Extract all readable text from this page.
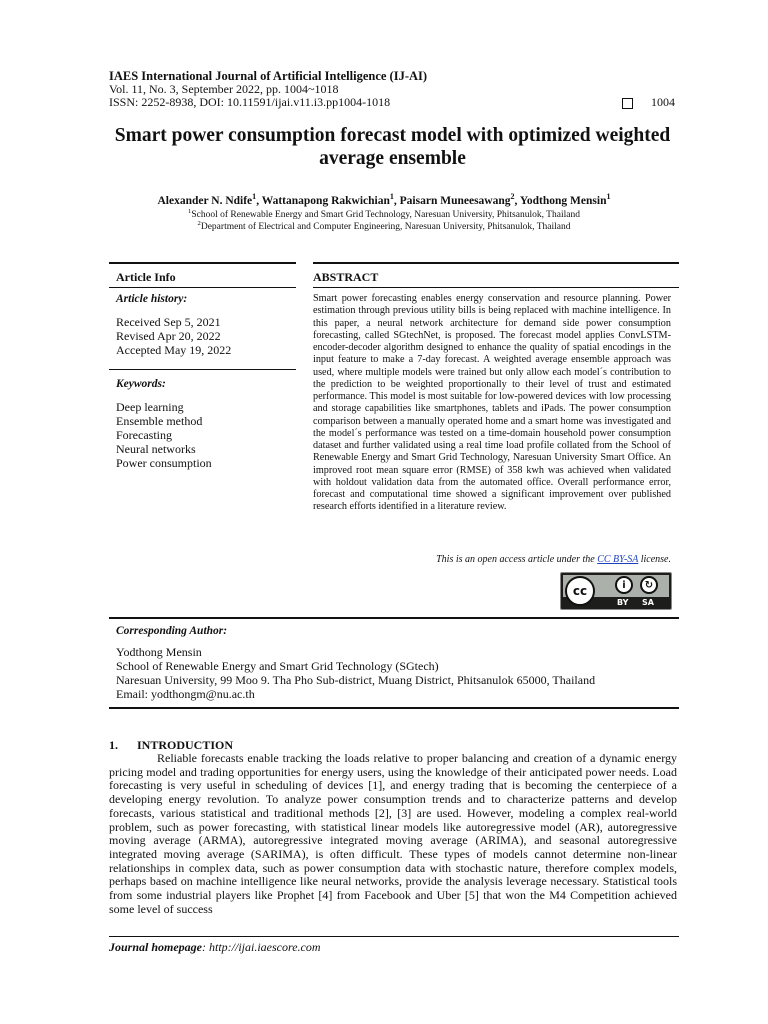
IAES International Journal of Artificial Intelligence (IJ-AI)
Vol. 11, No. 3, September 2022, pp. 1004~1018
ISSN: 2252-8938, DOI: 10.11591/ijai.v11.i3.pp1004-1018	1004
Smart power consumption forecast model with optimized weighted average ensemble
Alexander N. Ndife$^1$, Wattanapong Rakwichian$^1$, Paisarn Muneesawang$^2$, Yodthong Mensin$^1$
$^1$School of Renewable Energy and Smart Grid Technology, Naresuan University, Phitsanulok, Thailand
$^2$Department of Electrical and Computer Engineering, Naresuan University, Phitsanulok, Thailand
Article Info
Article history:
Received Sep 5, 2021
Revised Apr 20, 2022
Accepted May 19, 2022
Keywords:
Deep learning
Ensemble method
Forecasting
Neural networks
Power consumption
ABSTRACT
Smart power forecasting enables energy conservation and resource planning. Power estimation through previous utility bills is being replaced with machine intelligence. In this paper, a neural network architecture for demand side power consumption forecasting, called SGtechNet, is proposed. The forecast model applies ConvLSTM-encoder-decoder algorithm designed to enhance the quality of spatial encodings in the input feature to make a 7-day forecast. A weighted average ensemble approach was used, where multiple models were trained but only allow each model´s contribution to the prediction to be weighted proportionally to their level of trust and estimated performance. This model is most suitable for low-powered devices with low processing and storage capabilities like smartphones, tablets and iPads. The power consumption comparison between a manually operated home and a smart home was investigated and the model´s performance was tested on a time-domain household power consumption dataset and further validated using a real time load profile collated from the School of Renewable Energy and Smart Grid Technology, Naresuan University Smart Office. An improved root mean square error (RMSE) of 358 kwh was achieved when validated with holdout validation data from the automated office. Overall performance error, forecast and computational time showed a significant improvement over published research efforts identified in a literature review.
This is an open access article under the CC BY-SA license.
cc	i	↻
BY SA
Corresponding Author:
Yodthong Mensin
School of Renewable Energy and Smart Grid Technology (SGtech)
Naresuan University, 99 Moo 9. Tha Pho Sub-district, Muang District, Phitsanulok 65000, Thailand
Email: yodthongm@nu.ac.th
1. INTRODUCTION

Reliable forecasts enable tracking the loads relative to proper balancing and creation of a dynamic energy pricing model and trading opportunities for energy users, using the knowledge of their anticipated power needs. Load forecasting is very useful in scheduling of devices [1], and energy trading that is becoming the centerpiece of a developing energy revolution. To analyze power consumption trends and to characterize patterns and develop forecasts, various statistical and traditional methods [2], [3] are used. However, modeling a complex real-world problem, such as power forecasting, with statistical linear models like autoregressive model (AR), autoregressive moving average (ARMA), autoregressive integrated moving average (ARIMA), and seasonal autoregressive integrated moving average (SARIMA), is often difficult. These types of models cannot determine non-linear relationships in complex data, such as power consumption data with stochastic nature, therefore complex models, perhaps based on machine intelligence like neural networks, provide the analysis leverage necessary. Statistical tools from some industrial players like Prophet [4] from Facebook and Uber [5] that won the M4 Competition achieved some level of success

Journal homepage: http://ijai.iaescore.com
